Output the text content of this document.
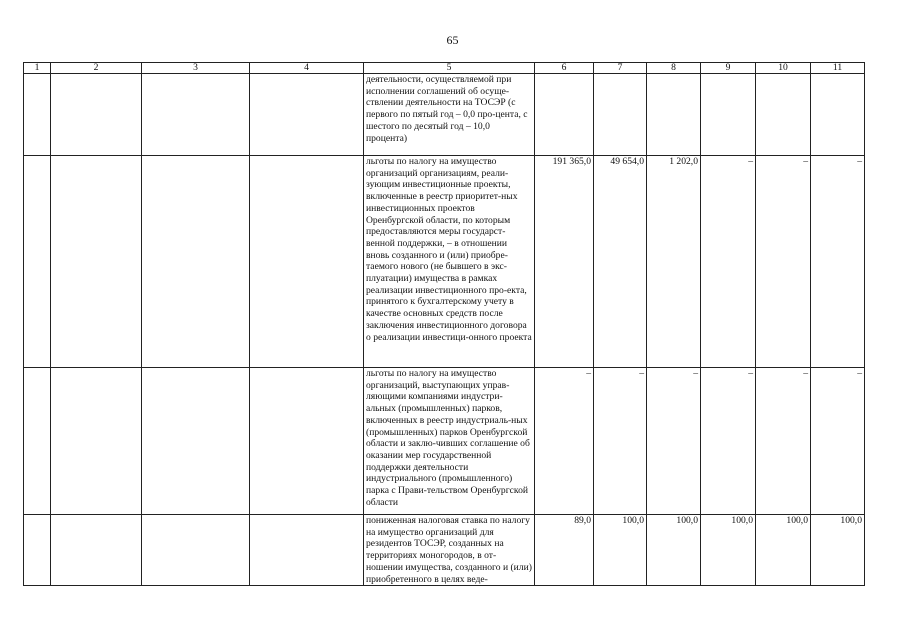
65
1	2	3	4	5	6	7	8	9	10	11
				деятельности, осуществляемой при исполнении соглашений об осуще-ствлении деятельности на ТОСЭР (с первого по пятый год – 0,0 про-цента, с шестого по десятый год – 10,0 процента)						
				льготы по налогу на имущество организаций организациям, реали-зующим инвестиционные проекты, включенные в реестр приоритет-ных инвестиционных проектов Оренбургской области, по которым предоставляются меры государст-венной поддержки, – в отношении вновь созданного и (или) приобре-таемого нового (не бывшего в экс-плуатации) имущества в рамках реализации инвестиционного про-екта, принятого к бухгалтерскому учету в качестве основных средств после заключения инвестиционного договора о реализации инвестици-онного проекта	191 365,0	49 654,0	1 202,0	–	–	–
				льготы по налогу на имущество организаций, выступающих управ-ляющими компаниями индустри-альных (промышленных) парков, включенных в реестр индустриаль-ных (промышленных) парков Оренбургской области и заклю-чивших соглашение об оказании мер государственной поддержки деятельности индустриального (промышленного) парка с Прави-тельством Оренбургской области	–	–	–	–	–	–
				пониженная налоговая ставка по налогу на имущество организаций для резидентов ТОСЭР, созданных на территориях моногородов, в от-ношении имущества, созданного и (или) приобретенного в целях веде-	89,0	100,0	100,0	100,0	100,0	100,0
